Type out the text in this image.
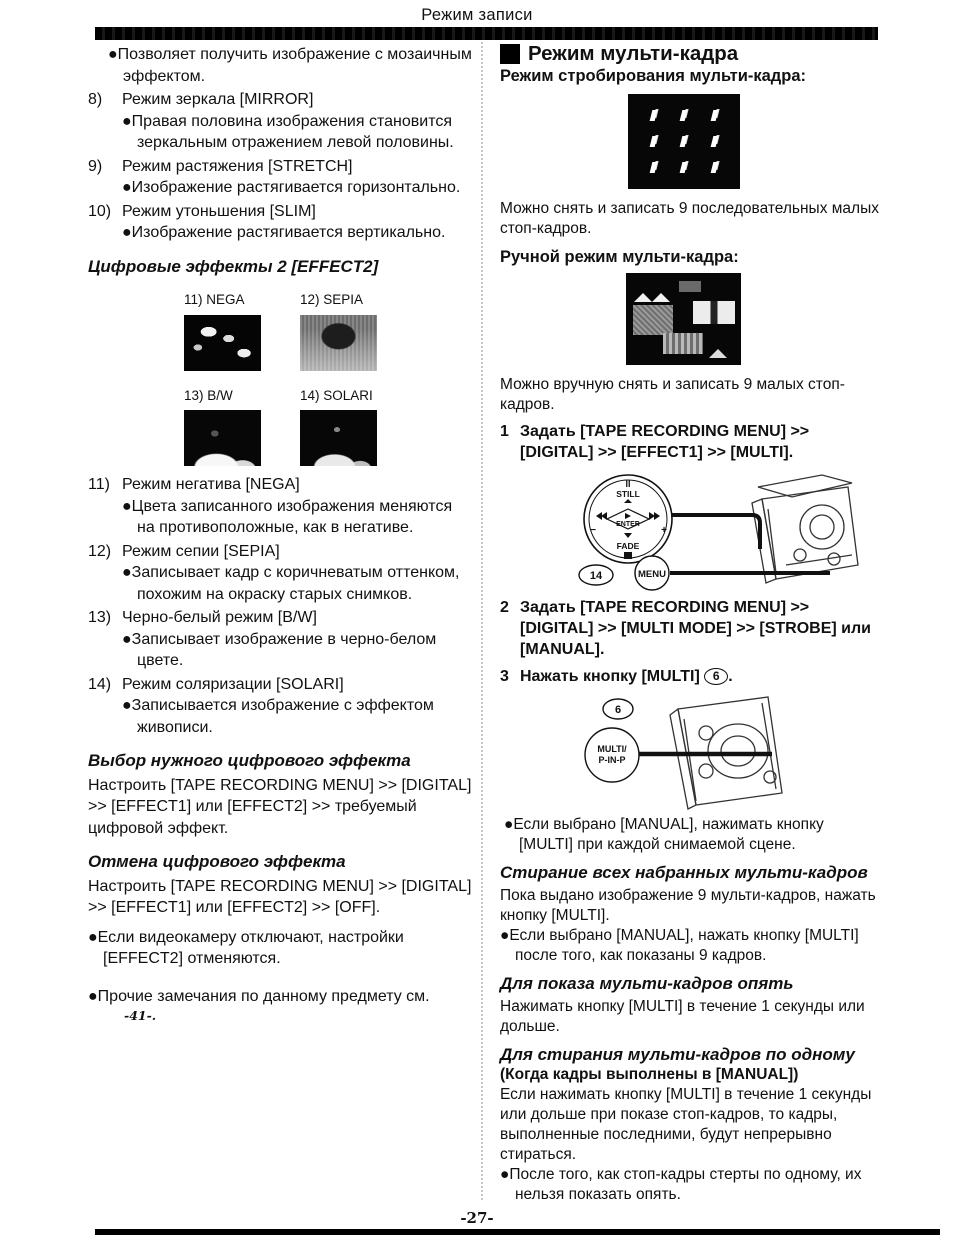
Режим записи

●Позволяет получить изображение с мозаичным эффектом.

8) Режим зеркала [MIRROR]

●Правая половина изображения становится зеркальным отражением левой половины.

9) Режим растяжения [STRETCH]

●Изображение растягивается горизонтально.

10) Режим утоньшения [SLIM]

●Изображение растягивается вертикально.

Цифровые эффекты 2 [EFFECT2]

11) NEGA	12) SEPIA
13) B/W	14) SOLARI

11) Режим негатива [NEGA]

●Цвета записанного изображения меняются на противоположные, как в негативе.

12) Режим сепии [SEPIA]

●Записывает кадр с коричневатым оттенком, похожим на окраску старых снимков.

13) Черно-белый режим [B/W]

●Записывает изображение в черно-белом цвете.

14) Режим соляризации [SOLARI]

●Записывается изображение с эффектом живописи.

Выбор нужного цифрового эффекта

Настроить [TAPE RECORDING MENU] >> [DIGITAL] >> [EFFECT1] или [EFFECT2] >> требуемый цифровой эффект.

Отмена цифрового эффекта

Настроить [TAPE RECORDING MENU] >> [DIGITAL] >> [EFFECT1] или [EFFECT2] >> [OFF].

●Если видеокамеру отключают, настройки [EFFECT2] отменяются.

●Прочие замечания по данному предмету см.

-41-.

Режим мульти-кадра

Режим стробирования мульти-кадра:

Можно снять и записать 9 последовательных малых стоп-кадров.

Ручной режим мульти-кадра:

Можно вручную снять и записать 9 малых стоп-кадров.

1 Задать [TAPE RECORDING MENU] >> [DIGITAL] >> [EFFECT1] >> [MULTI].

II
STILL
ENTER
−	+
FADE
14	MENU

2 Задать [TAPE RECORDING MENU] >> [DIGITAL] >> [MULTI MODE] >> [STROBE] или [MANUAL].

3 Нажать кнопку [MULTI] 6 .

6
MULTI/
P-IN-P

●Если выбрано [MANUAL], нажимать кнопку [MULTI] при каждой снимаемой сцене.

Стирание всех набранных мульти-кадров

Пока выдано изображение 9 мульти-кадров, нажать кнопку [MULTI].

●Если выбрано [MANUAL], нажать кнопку [MULTI] после того, как показаны 9 кадров.

Для показа мульти-кадров опять

Нажимать кнопку [MULTI] в течение 1 секунды или дольше.

Для стирания мульти-кадров по одному

(Когда кадры выполнены в [MANUAL])

Если нажимать кнопку [MULTI] в течение 1 секунды или дольше при показе стоп-кадров, то кадры, выполненные последними, будут непрерывно стираться.

●После того, как стоп-кадры стерты по одному, их нельзя показать опять.

-27-
